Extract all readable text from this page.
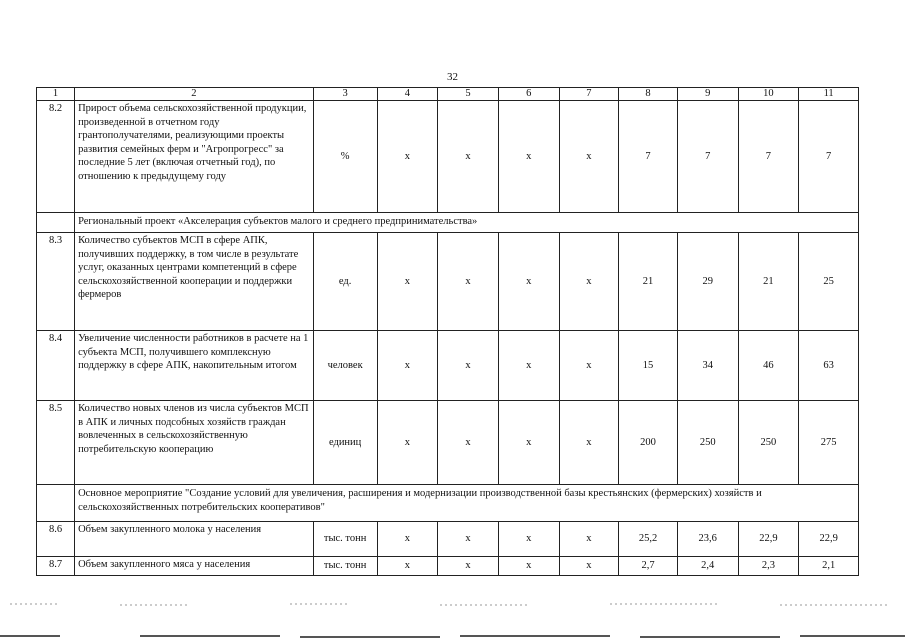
32
1	2	3	4	5	6	7	8	9	10	11
8.2	Прирост объема сельскохозяйственной продукции, произведенной в отчетном году грантополучателями, реализующими проекты развития семейных ферм и "Агропрогресс" за последние 5 лет (включая отчетный год), по отношению к предыдущему году	%	х	х	х	х	7	7	7	7
	Региональный проект «Акселерация субъектов малого и среднего предпринимательства»									
8.3	Количество субъектов МСП в сфере АПК, получивших поддержку, в том числе в результате услуг, оказанных центрами компетенций в сфере сельскохозяйственной кооперации и поддержки фермеров	ед.	х	х	х	х	21	29	21	25
8.4	Увеличение численности работников в расчете на 1 субъекта МСП, получившего комплексную поддержку в сфере АПК, накопительным итогом	человек	х	х	х	х	15	34	46	63
8.5	Количество новых членов из числа субъектов МСП в АПК и личных подсобных хозяйств граждан вовлеченных в сельскохозяйственную потребительскую кооперацию	единиц	х	х	х	х	200	250	250	275
	Основное мероприятие "Создание условий для увеличения, расширения и модернизации производственной базы крестьянских (фермерских) хозяйств и сельскохозяйственных потребительских кооперативов"									
8.6	Объем закупленного молока у населения	тыс. тонн	х	х	х	х	25,2	23,6	22,9	22,9
8.7	Объем закупленного мяса у населения	тыс. тонн	х	х	х	х	2,7	2,4	2,3	2,1
